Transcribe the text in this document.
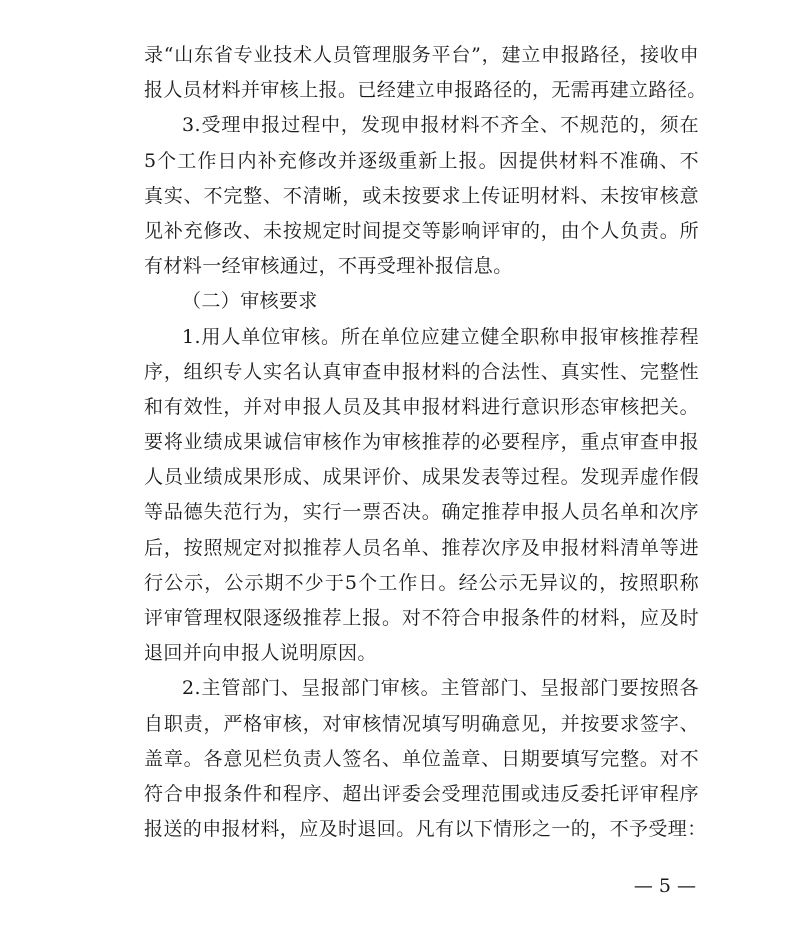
录“山东省专业技术人员管理服务平台”，建立申报路径，接收申
报人员材料并审核上报。已经建立申报路径的，无需再建立路径。
3.受理申报过程中，发现申报材料不齐全、不规范的，须在
5个工作日内补充修改并逐级重新上报。因提供材料不准确、不
真实、不完整、不清晰，或未按要求上传证明材料、未按审核意
见补充修改、未按规定时间提交等影响评审的，由个人负责。所
有材料一经审核通过，不再受理补报信息。
（二）审核要求
1.用人单位审核。所在单位应建立健全职称申报审核推荐程
序，组织专人实名认真审查申报材料的合法性、真实性、完整性
和有效性，并对申报人员及其申报材料进行意识形态审核把关。
要将业绩成果诚信审核作为审核推荐的必要程序，重点审查申报
人员业绩成果形成、成果评价、成果发表等过程。发现弄虚作假
等品德失范行为，实行一票否决。确定推荐申报人员名单和次序
后，按照规定对拟推荐人员名单、推荐次序及申报材料清单等进
行公示，公示期不少于5个工作日。经公示无异议的，按照职称
评审管理权限逐级推荐上报。对不符合申报条件的材料，应及时
退回并向申报人说明原因。
2.主管部门、呈报部门审核。主管部门、呈报部门要按照各
自职责，严格审核，对审核情况填写明确意见，并按要求签字、
盖章。各意见栏负责人签名、单位盖章、日期要填写完整。对不
符合申报条件和程序、超出评委会受理范围或违反委托评审程序
报送的申报材料，应及时退回。凡有以下情形之一的，不予受理：
— 5 —
